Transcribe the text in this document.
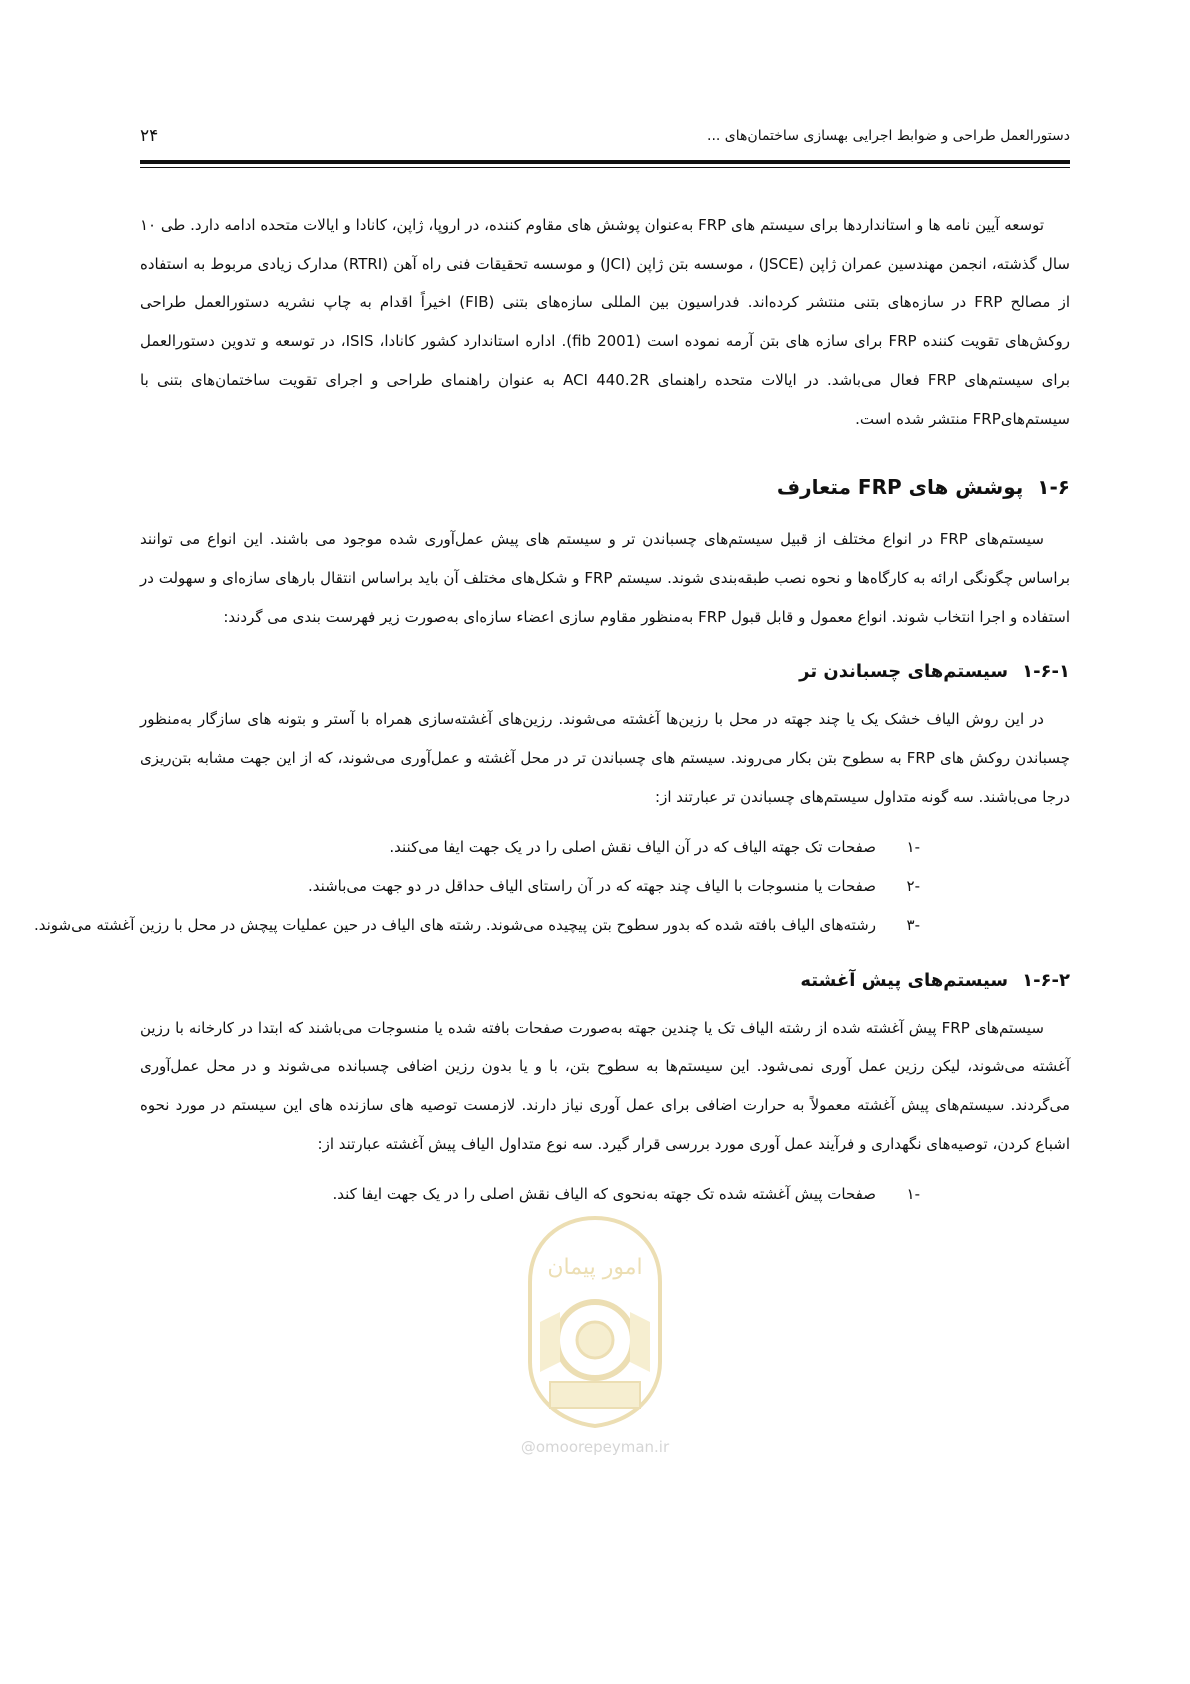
دستورالعمل طراحی و ضوابط اجرایی بهسازی ساختمان‌های ...
۲۴

توسعه آیین نامه ها و استانداردها برای سیستم های FRP به‌عنوان پوشش های مقاوم کننده، در اروپا، ژاپن، کانادا و ایالات متحده ادامه دارد. طی ۱۰ سال گذشته، انجمن مهندسین عمران ژاپن (JSCE) ، موسسه بتن ژاپن (JCI) و موسسه تحقیقات فنی راه آهن (RTRI) مدارک زیادی مربوط به استفاده از مصالح FRP در سازه‌های بتنی منتشر کرده‌اند. فدراسیون بین المللی سازه‌های بتنی (FIB) اخیراً اقدام به چاپ نشریه دستورالعمل طراحی روکش‌های تقویت کننده FRP برای سازه های بتن آرمه نموده است (fib 2001). اداره استاندارد کشور کانادا، ISIS، در توسعه و تدوین دستورالعمل برای سیستم‌های FRP فعال می‌باشد. در ایالات متحده راهنمای ACI 440.2R به عنوان راهنمای طراحی و اجرای تقویت ساختمان‌های بتنی با سیستم‌هایFRP منتشر شده است.

۱-۶پوشش های FRP متعارف

سیستم‌های FRP در انواع مختلف از قبیل سیستم‌های چسباندن تر و سیستم های پیش عمل‌آوری شده موجود می باشند. این انواع می توانند براساس چگونگی ارائه به کارگاه‌ها و نحوه نصب طبقه‌بندی شوند. سیستم FRP و شکل‌های مختلف آن باید براساس انتقال بارهای سازه‌ای و سهولت در استفاده و اجرا انتخاب شوند. انواع معمول و قابل قبول FRP به‌منظور مقاوم سازی اعضاء سازه‌ای به‌صورت زیر فهرست بندی می گردند:

۱-۶-۱سیستم‌های چسباندن تر

در این روش الیاف خشک یک یا چند جهته در محل با رزین‌ها آغشته می‌شوند. رزین‌های آغشته‌سازی همراه با آستر و بتونه های سازگار به‌منظور چسباندن روکش های FRP به سطوح بتن بکار می‌روند. سیستم های چسباندن تر در محل آغشته و عمل‌آوری می‌شوند، که از این جهت مشابه بتن‌ریزی درجا می‌باشند. سه گونه متداول سیستم‌های چسباندن تر عبارتند از:

-۱
صفحات تک جهته الیاف که در آن الیاف نقش اصلی را در یک جهت ایفا می‌کنند.
-۲
صفحات یا منسوجات با الیاف چند جهته که در آن راستای الیاف حداقل در دو جهت می‌باشند.
-۳
رشته‌های الیاف بافته شده که بدور سطوح بتن پیچیده می‌شوند. رشته های الیاف در حین عملیات پیچش در محل با رزین آغشته می‌شوند.
۱-۶-۲سیستم‌های پیش آغشته

سیستم‌های FRP پیش آغشته شده از رشته الیاف تک یا چندین جهته به‌صورت صفحات بافته شده یا منسوجات می‌باشند که ابتدا در کارخانه با رزین آغشته می‌شوند، لیکن رزین عمل آوری نمی‌شود. این سیستم‌ها به سطوح بتن، با و یا بدون رزین اضافی چسبانده می‌شوند و در محل عمل‌آوری می‌گردند. سیستم‌های پیش آغشته معمولاً به حرارت اضافی برای عمل آوری نیاز دارند. لازمست توصیه های سازنده های این سیستم در مورد نحوه اشباع کردن، توصیه‌های نگهداری و فرآیند عمل آوری مورد بررسی قرار گیرد. سه نوع متداول الیاف پیش آغشته عبارتند از:

-۱
صفحات پیش آغشته شده تک جهته به‌نحوی که الیاف نقش اصلی را در یک جهت ایفا کند.
امور پیمان
@omoorepeyman.ir
